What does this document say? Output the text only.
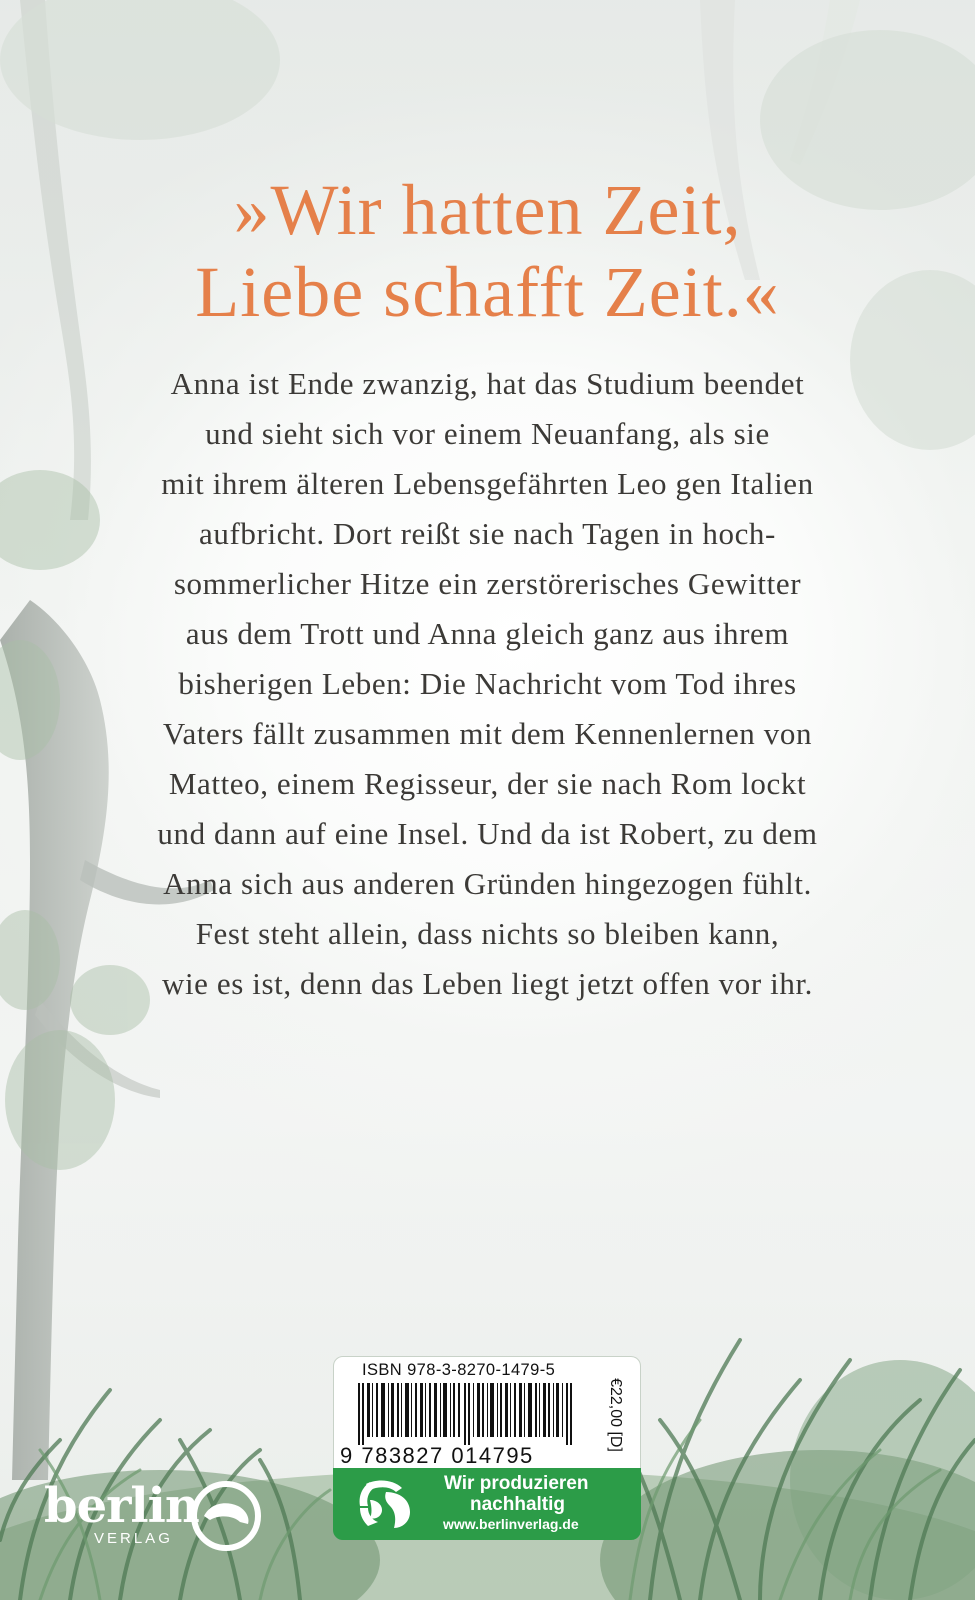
»Wir hatten Zeit,
Liebe schafft Zeit.«
Anna ist Ende zwanzig, hat das Studium beendet
und sieht sich vor einem Neuanfang, als sie
mit ihrem älteren Lebensgefährten Leo gen Italien
aufbricht. Dort reißt sie nach Tagen in hoch-
sommerlicher Hitze ein zerstörerisches Gewitter
aus dem Trott und Anna gleich ganz aus ihrem
bisherigen Leben: Die Nachricht vom Tod ihres
Vaters fällt zusammen mit dem Kennenlernen von
Matteo, einem Regisseur, der sie nach Rom lockt
und dann auf eine Insel. Und da ist Robert, zu dem
Anna sich aus anderen Gründen hingezogen fühlt.
Fest steht allein, dass nichts so bleiben kann,
wie es ist, denn das Leben liegt jetzt offen vor ihr.
ISBN 978-3-8270-1479-5
9 783827 014795
€22,00 [D]
Wir produzieren
nachhaltig
www.berlinverlag.de
berlin
VERLAG
